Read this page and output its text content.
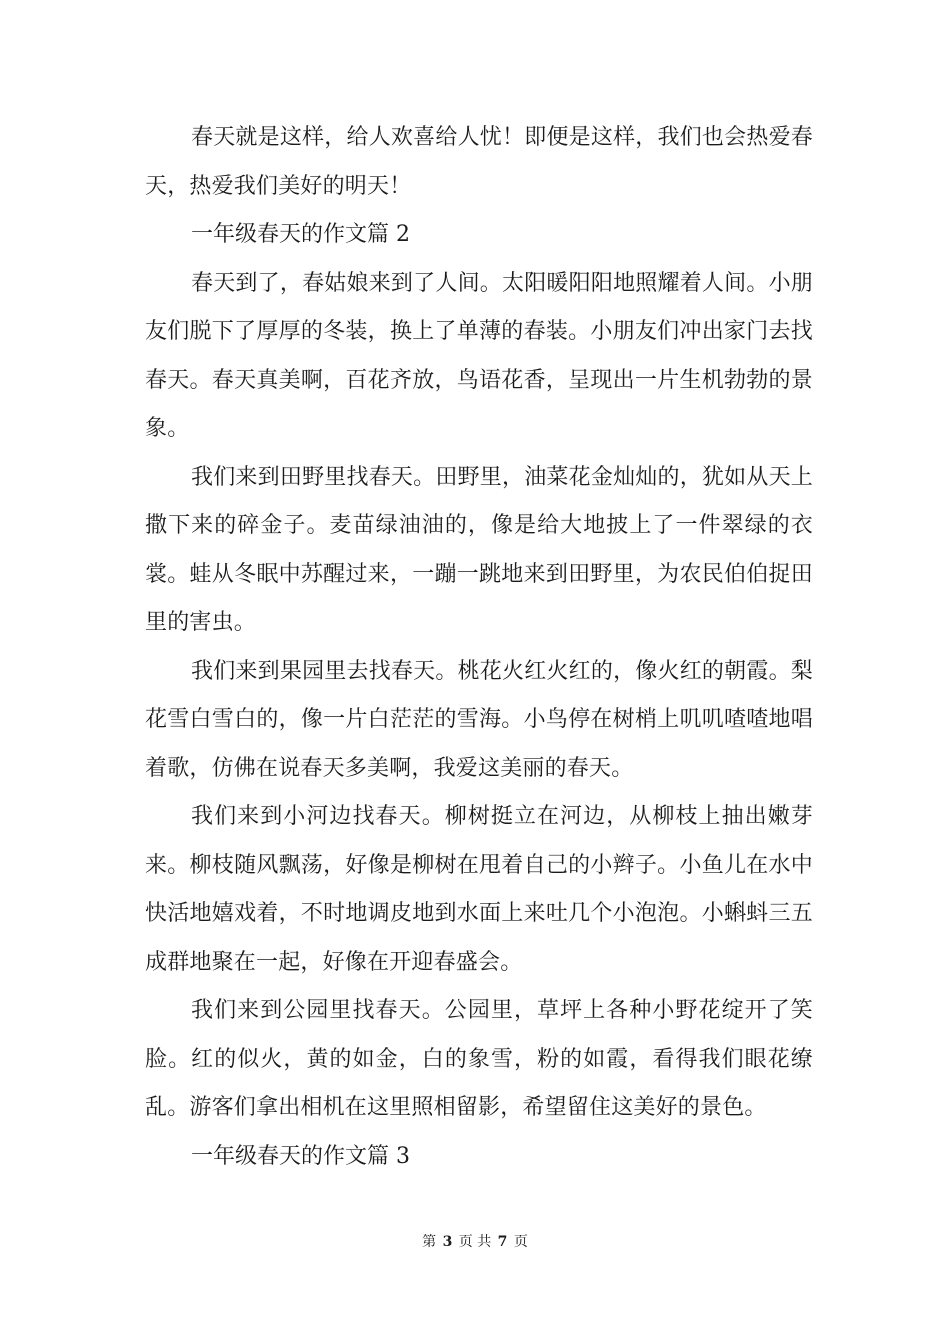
春天就是这样，给人欢喜给人忧！即便是这样，我们也会热爱春天，热爱我们美好的明天！

一年级春天的作文篇 2

春天到了，春姑娘来到了人间。太阳暖阳阳地照耀着人间。小朋友们脱下了厚厚的冬装，换上了单薄的春装。小朋友们冲出家门去找春天。春天真美啊，百花齐放，鸟语花香，呈现出一片生机勃勃的景象。

我们来到田野里找春天。田野里，油菜花金灿灿的，犹如从天上撒下来的碎金子。麦苗绿油油的，像是给大地披上了一件翠绿的衣裳。蛙从冬眠中苏醒过来，一蹦一跳地来到田野里，为农民伯伯捉田里的害虫。

我们来到果园里去找春天。桃花火红火红的，像火红的朝霞。梨花雪白雪白的，像一片白茫茫的雪海。小鸟停在树梢上叽叽喳喳地唱着歌，仿佛在说春天多美啊，我爱这美丽的春天。

我们来到小河边找春天。柳树挺立在河边，从柳枝上抽出嫩芽来。柳枝随风飘荡，好像是柳树在甩着自己的小辫子。小鱼儿在水中快活地嬉戏着，不时地调皮地到水面上来吐几个小泡泡。小蝌蚪三五成群地聚在一起，好像在开迎春盛会。

我们来到公园里找春天。公园里，草坪上各种小野花绽开了笑脸。红的似火，黄的如金，白的象雪，粉的如霞，看得我们眼花缭乱。游客们拿出相机在这里照相留影，希望留住这美好的景色。

一年级春天的作文篇 3

第 3 页 共 7 页
